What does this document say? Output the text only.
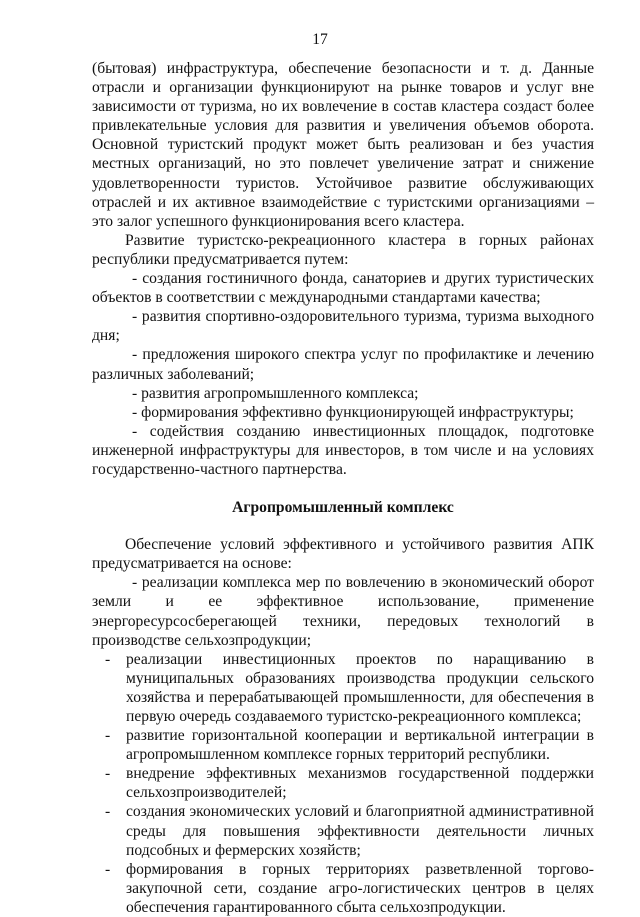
17

(бытовая) инфраструктура, обеспечение безопасности и т. д. Данные отрасли и организации функционируют на рынке товаров и услуг вне зависимости от туризма, но их вовлечение в состав кластера создаст более привлекательные условия для развития и увеличения объемов оборота. Основной туристский продукт может быть реализован и без участия местных организаций, но это повлечет увеличение затрат и снижение удовлетворенности туристов. Устойчивое развитие обслуживающих отраслей и их активное взаимодействие с туристскими организациями – это залог успешного функционирования всего кластера.

Развитие туристско-рекреационного кластера в горных районах республики предусматривается путем:

- создания гостиничного фонда, санаториев и других туристических объектов в соответствии с международными стандартами качества;

- развития спортивно-оздоровительного туризма, туризма выходного дня;

- предложения широкого спектра услуг по профилактике и лечению различных заболеваний;

- развития агропромышленного комплекса;

- формирования эффективно функционирующей инфраструктуры;

- содействия созданию инвестиционных площадок, подготовке инженерной инфраструктуры для инвесторов, в том числе и на условиях государственно-частного партнерства.

Агропромышленный комплекс

Обеспечение условий эффективного и устойчивого развития АПК предусматривается на основе:

- реализации комплекса мер по вовлечению в экономический оборот земли и ее эффективное использование, применение энергоресурсосберегающей техники, передовых технологий в производстве сельхозпродукции;

- реализации инвестиционных проектов по наращиванию в муниципальных образованиях производства продукции сельского хозяйства и перерабатывающей промышленности, для обеспечения в первую очередь создаваемого туристско-рекреационного комплекса;
- развитие горизонтальной кооперации и вертикальной интеграции в агропромышленном комплексе горных территорий республики.
- внедрение эффективных механизмов государственной поддержки сельхозпроизводителей;
- создания экономических условий и благоприятной административной среды для повышения эффективности деятельности личных подсобных и фермерских хозяйств;
- формирования в горных территориях разветвленной торгово-закупочной сети, создание агро-логистических центров в целях обеспечения гарантированного сбыта сельхозпродукции.
